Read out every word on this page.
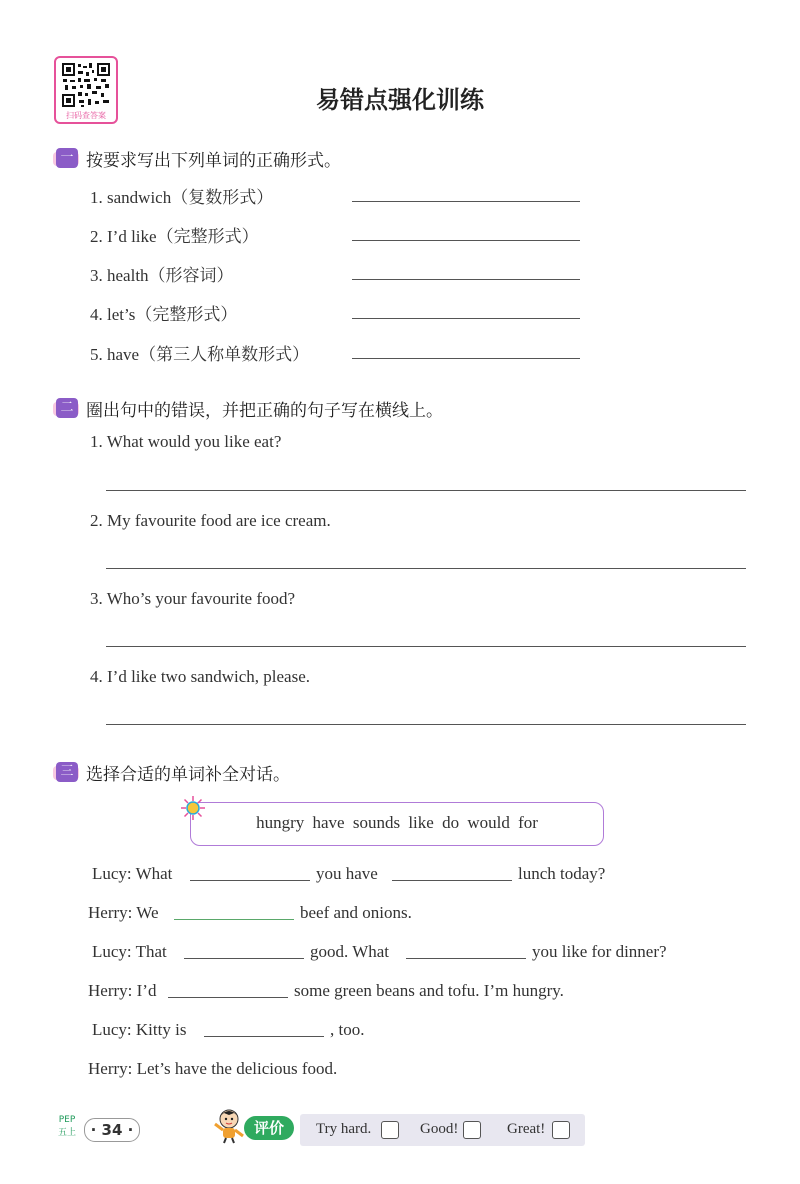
扫码查答案
易错点强化训练
一 按要求写出下列单词的正确形式。
1. sandwich（复数形式）
2. I’d like（完整形式）
3. health（形容词）
4. let’s（完整形式）
5. have（第三人称单数形式）
二 圈出句中的错误，并把正确的句子写在横线上。
1. What would you like eat?
2. My favourite food are ice cream.
3. Who’s your favourite food?
4. I’d like two sandwich, please.
三 选择合适的单词补全对话。
hungry have sounds like do would for
Lucy: What	you have	lunch today?
Herry: We	beef and onions.
Lucy: That	good. What	you like for dinner?
Herry: I’d	some green beans and tofu. I’m hungry.
Lucy: Kitty is	, too.
Herry: Let’s have the delicious food.
PEP
五上 · 34 ·	评价	Try hard.	Good!	Great!
